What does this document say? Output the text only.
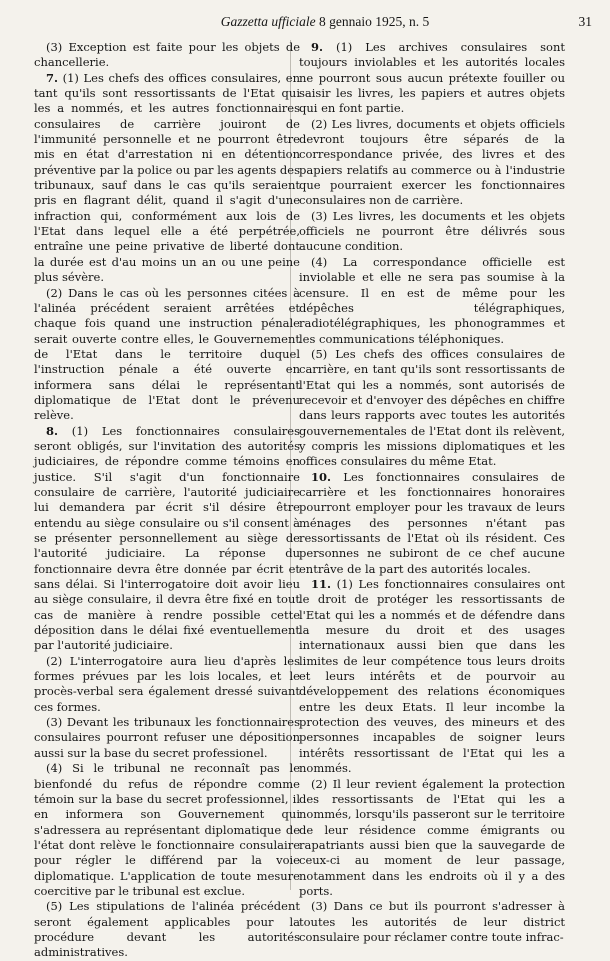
Gazzetta ufficiale 8 gennaio 1925, n. 5	31

(3) Exception est faite pour les objets de chancellerie.

7. (1) Les chefs des offices consulaires, en tant qu'ils sont ressortissants de l'Etat qui les a nommés, et les autres fonctionnaires consulaires de carrière jouiront de l'immunité personnelle et ne pourront être mis en état d'arrestation ni en détention préventive par la police ou par les agents des tribunaux, sauf dans le cas qu'ils seraient pris en flagrant délit, quand il s'agit d'une infraction qui, conformément aux lois de l'Etat dans lequel elle a été perpétrée, entraîne une peine privative de liberté dont la durée est d'au moins un an ou une peine plus sévère.

(2) Dans le cas où les personnes citées à l'alinéa précédent seraient arrêtées et chaque fois quand une instruction pénale serait ouverte contre elles, le Gouvernement de l'Etat dans le territoire duquel l'instruction pénale a été ouverte en informera sans délai le représentant diplomatique de l'Etat dont le prévenu relève.

8. (1) Les fonctionnaires consulaires seront obligés, sur l'invitation des autorités judiciaires, de répondre comme témoins en justice. S'il s'agit d'un fonctionnaire consulaire de carrière, l'autorité judiciaire lui demandera par écrit s'il désire être entendu au siège consulaire ou s'il consent à se présenter personnellement au siège de l'autorité judiciaire. La réponse du fonctionnaire devra être donnée par écrit et sans délai. Si l'interrogatoire doit avoir lieu au siège consulaire, il devra être fixé en tout cas de manière à rendre possible cette déposition dans le délai fixé eventuellement par l'autorité judiciaire.

(2) L'interrogatoire aura lieu d'après les formes prévues par les lois locales, et le procès-verbal sera également dressé suivant ces formes.

(3) Devant les tribunaux les fonctionnaires consulaires pourront refuser une déposition aussi sur la base du secret professionel.

(4) Si le tribunal ne reconnaît pas le bienfondé du refus de répondre comme témoin sur la base du secret professionnel, il en informera son Gouvernement qui s'adressera au représentant diplomatique de l'état dont relève le fonctionnaire consulaire pour régler le différend par la voie diplomatique. L'application de toute mesure coercitive par le tribunal est exclue.

(5) Les stipulations de l'alinéa précédent seront également applicables pour la procédure devant les autorités administratives.

9. (1) Les archives consulaires sont toujours inviolables et les autorités locales ne pourront sous aucun prétexte fouiller ou saisir les livres, les papiers et autres objets qui en font partie.

(2) Les livres, documents et objets officiels devront toujours être séparés de la correspondance privée, des livres et des papiers relatifs au commerce ou à l'industrie que pourraient exercer les fonctionnaires consulaires non de carrière.

(3) Les livres, les documents et les objets officiels ne pourront être délivrés sous aucune condition.

(4) La correspondance officielle est inviolable et elle ne sera pas soumise à la censure. Il en est de même pour les dépêches télégraphiques, radiotélégraphiques, les phonogrammes et les communications téléphoniques.

(5) Les chefs des offices consulaires de carrière, en tant qu'ils sont ressortissants de l'Etat qui les a nommés, sont autorisés de recevoir et d'envoyer des dépêches en chiffre dans leurs rapports avec toutes les autorités gouvernementales de l'Etat dont ils relèvent, y compris les missions diplomatiques et les offices consulaires du même Etat.

10. Les fonctionnaires consulaires de carrière et les fonctionnaires honoraires pourront employer pour les travaux de leurs ménages des personnes n'étant pas ressortissants de l'Etat où ils résident. Ces personnes ne subiront de ce chef aucune entrâve de la part des autorités locales.

11. (1) Les fonctionnaires consulaires ont le droit de protéger les ressortissants de l'Etat qui les a nommés et de défendre dans la mesure du droit et des usages internationaux aussi bien que dans les limites de leur compétence tous leurs droits et leurs intérêts et de pourvoir au développement des relations économiques entre les deux Etats. Il leur incombe la protection des veuves, des mineurs et des personnes incapables de soigner leurs intérêts ressortissant de l'Etat qui les a nommés.

(2) Il leur revient également la protection des ressortissants de l'Etat qui les a nommés, lorsqu'ils passeront sur le territoire de leur résidence comme émigrants ou rapatriants aussi bien que la sauvegarde de ceux-ci au moment de leur passage, notamment dans les endroits où il y a des ports.

(3) Dans ce but ils pourront s'adresser à toutes les autorités de leur district consulaire pour réclamer contre toute infrac-
